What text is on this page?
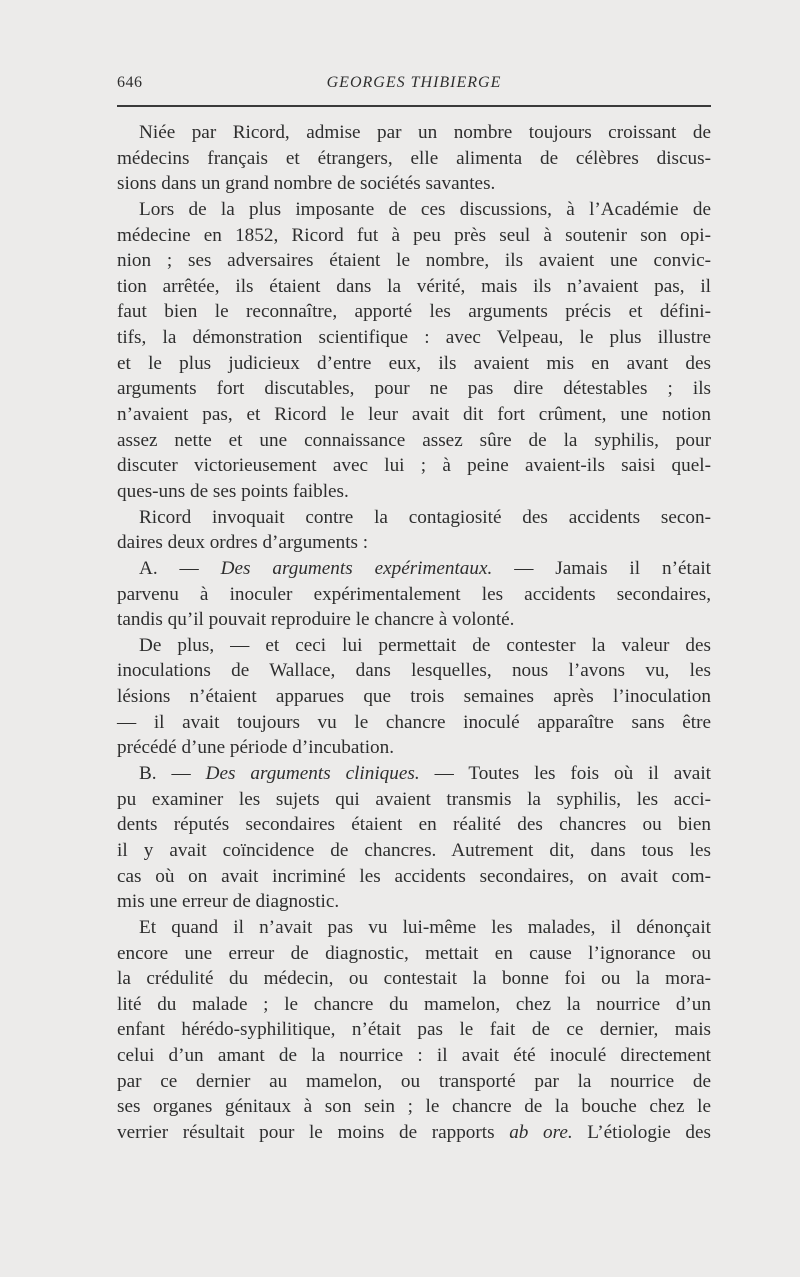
646	GEORGES THIBIERGE
Niée par Ricord, admise par un nombre toujours croissant de
médecins français et étrangers, elle alimenta de célèbres discus-
sions dans un grand nombre de sociétés savantes.
Lors de la plus imposante de ces discussions, à l’Académie de
médecine en 1852, Ricord fut à peu près seul à soutenir son opi-
nion ; ses adversaires étaient le nombre, ils avaient une convic-
tion arrêtée, ils étaient dans la vérité, mais ils n’avaient pas, il
faut bien le reconnaître, apporté les arguments précis et défini-
tifs, la démonstration scientifique : avec Velpeau, le plus illustre
et le plus judicieux d’entre eux, ils avaient mis en avant des
arguments fort discutables, pour ne pas dire détestables ; ils
n’avaient pas, et Ricord le leur avait dit fort crûment, une notion
assez nette et une connaissance assez sûre de la syphilis, pour
discuter victorieusement avec lui ; à peine avaient-ils saisi quel-
ques-uns de ses points faibles.
Ricord invoquait contre la contagiosité des accidents secon-
daires deux ordres d’arguments :
A. — Des arguments expérimentaux. — Jamais il n’était
parvenu à inoculer expérimentalement les accidents secondaires,
tandis qu’il pouvait reproduire le chancre à volonté.
De plus, — et ceci lui permettait de contester la valeur des
inoculations de Wallace, dans lesquelles, nous l’avons vu, les
lésions n’étaient apparues que trois semaines après l’inoculation
— il avait toujours vu le chancre inoculé apparaître sans être
précédé d’une période d’incubation.
B. — Des arguments cliniques. — Toutes les fois où il avait
pu examiner les sujets qui avaient transmis la syphilis, les acci-
dents réputés secondaires étaient en réalité des chancres ou bien
il y avait coïncidence de chancres. Autrement dit, dans tous les
cas où on avait incriminé les accidents secondaires, on avait com-
mis une erreur de diagnostic.
Et quand il n’avait pas vu lui-même les malades, il dénonçait
encore une erreur de diagnostic, mettait en cause l’ignorance ou
la crédulité du médecin, ou contestait la bonne foi ou la mora-
lité du malade ; le chancre du mamelon, chez la nourrice d’un
enfant hérédo-syphilitique, n’était pas le fait de ce dernier, mais
celui d’un amant de la nourrice : il avait été inoculé directement
par ce dernier au mamelon, ou transporté par la nourrice de
ses organes génitaux à son sein ; le chancre de la bouche chez le
verrier résultait pour le moins de rapports ab ore. L’étiologie des
